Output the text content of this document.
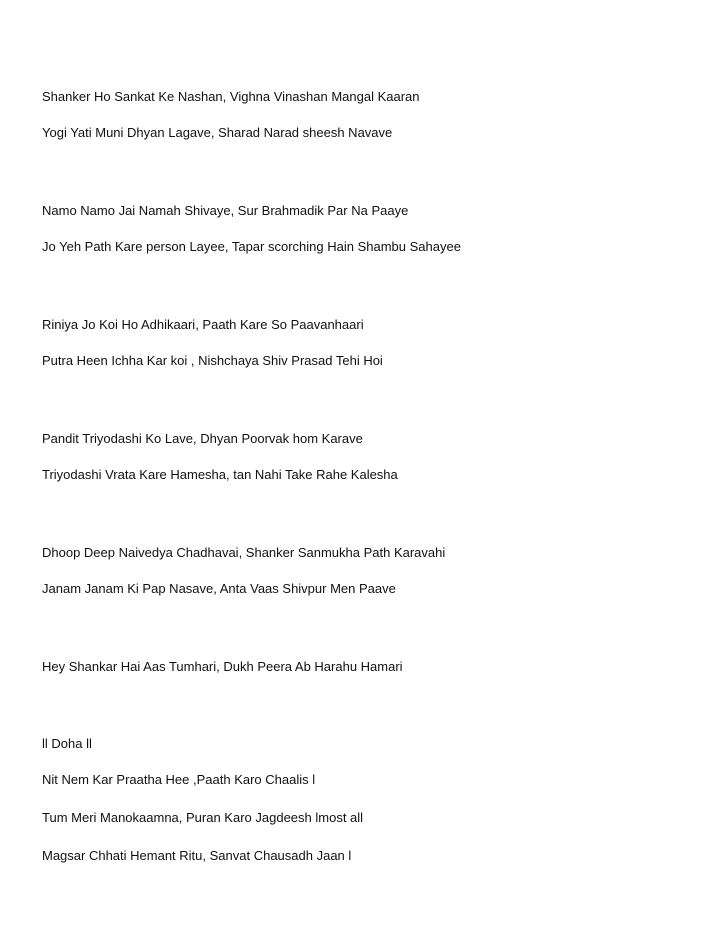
Shanker Ho Sankat Ke Nashan, Vighna Vinashan Mangal Kaaran

Yogi Yati Muni Dhyan Lagave, Sharad Narad sheesh Navave

Namo Namo Jai Namah Shivaye, Sur Brahmadik Par Na Paaye

Jo Yeh Path Kare person Layee, Tapar scorching Hain Shambu Sahayee

Riniya Jo Koi Ho Adhikaari, Paath Kare So Paavanhaari

Putra Heen Ichha Kar koi , Nishchaya Shiv Prasad Tehi Hoi

Pandit Triyodashi Ko Lave, Dhyan Poorvak hom Karave

Triyodashi Vrata Kare Hamesha, tan Nahi Take Rahe Kalesha

Dhoop Deep Naivedya Chadhavai, Shanker Sanmukha Path Karavahi

Janam Janam Ki Pap Nasave, Anta Vaas Shivpur Men Paave

Hey Shankar Hai Aas Tumhari, Dukh Peera Ab Harahu Hamari

ll Doha ll

Nit Nem Kar Praatha Hee ,Paath Karo Chaalis l

Tum Meri Manokaamna, Puran Karo Jagdeesh lmost all

Magsar Chhati Hemant Ritu, Sanvat Chausadh Jaan l
